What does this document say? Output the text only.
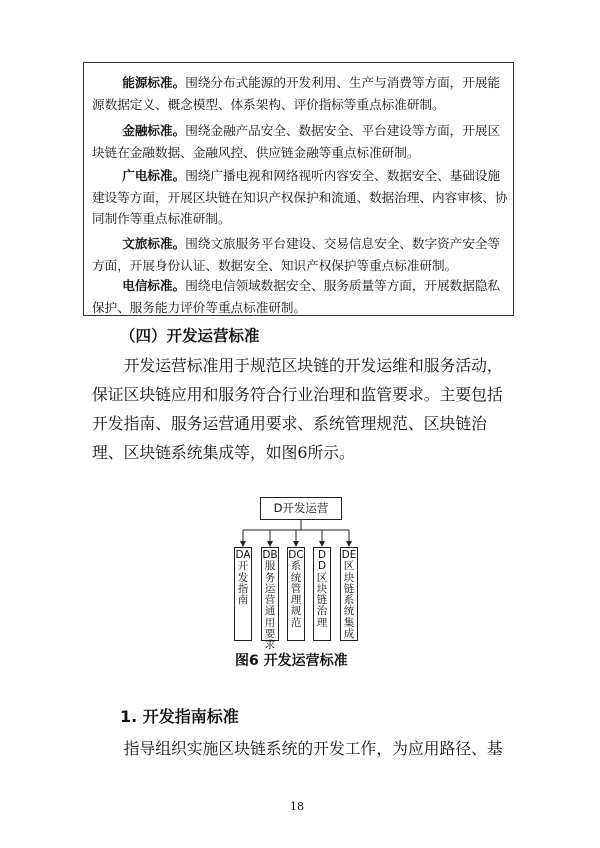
能源标准。围绕分布式能源的开发利用、生产与消费等方面，开展能源数据定义、概念模型、体系架构、评价指标等重点标准研制。

金融标准。围绕金融产品安全、数据安全、平台建设等方面，开展区块链在金融数据、金融风控、供应链金融等重点标准研制。

广电标准。围绕广播电视和网络视听内容安全、数据安全、基础设施建设等方面，开展区块链在知识产权保护和流通、数据治理、内容审核、协同制作等重点标准研制。

文旅标准。围绕文旅服务平台建设、交易信息安全、数字资产安全等方面，开展身份认证、数据安全、知识产权保护等重点标准研制。

电信标准。围绕电信领域数据安全、服务质量等方面，开展数据隐私保护、服务能力评价等重点标准研制。

（四）开发运营标准

开发运营标准用于规范区块链的开发运维和服务活动，保证区块链应用和服务符合行业治理和监管要求。主要包括开发指南、服务运营通用要求、系统管理规范、区块链治理、区块链系统集成等，如图6所示。

D开发运营
DA开发指南
DB服务运营通用要求
DC系统管理规范
DD区块链治理
DE区块链系统集成

图6 开发运营标准

1. 开发指南标准

指导组织实施区块链系统的开发工作，为应用路径、基

18
